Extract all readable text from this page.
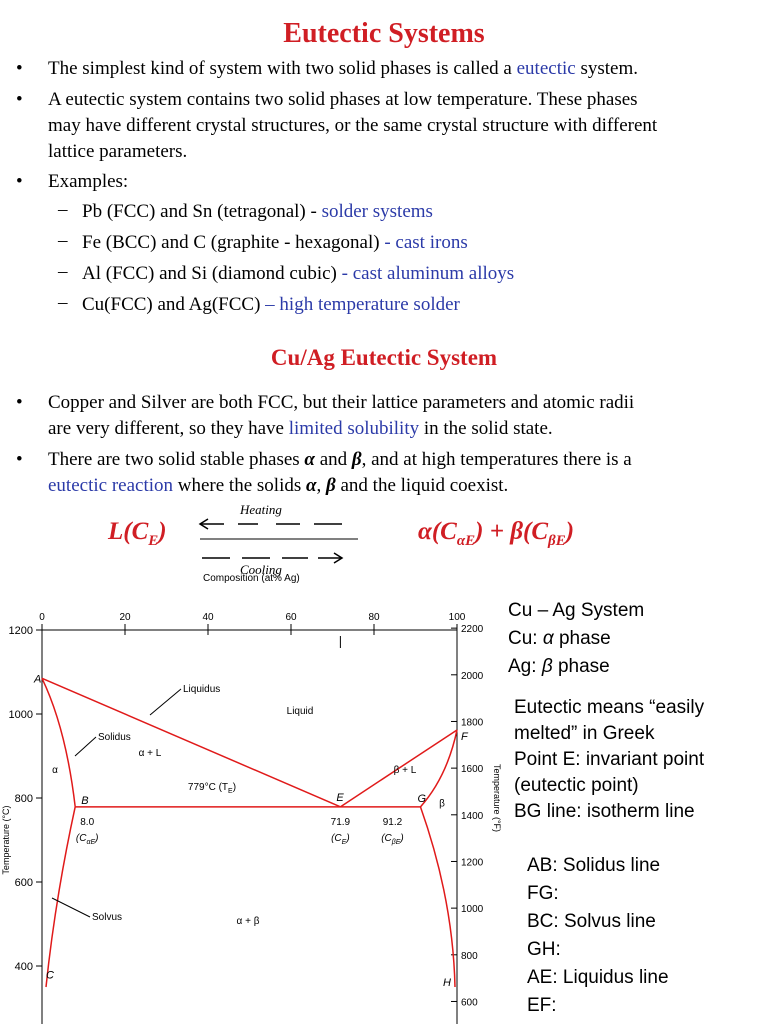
Eutectic Systems
• The simplest kind of system with two solid phases is called a eutectic system.
• A eutectic system contains two solid phases at low temperature. These phases
may have different crystal structures, or the same crystal structure with different
lattice parameters.
• Examples:
– Pb (FCC) and Sn (tetragonal) - solder systems
– Fe (BCC) and C (graphite - hexagonal) - cast irons
– Al (FCC) and Si (diamond cubic) - cast aluminum alloys
– Cu(FCC) and Ag(FCC) – high temperature solder
Cu/Ag Eutectic System
• Copper and Silver are both FCC, but their lattice parameters and atomic radii
are very different, so they have limited solubility in the solid state.
• There are two solid stable phases α and β, and at high temperatures there is a
eutectic reaction where the solids α, β and the liquid coexist.
$L(C_E)$	$\alpha(C_{\alpha E}) + \beta(C_{\beta E})$
Heating
Cooling
Composition (at% Ag)
0	20	40	60	80	100
1200
1000
800
600
400
2200
2000
1800
1600
1400
1200
1000
800
600
Temperature (°C)
Temperature (°F)
A
B
C
E
F
G
H
Liquid
α + L
β + L
α
β
α + β
Liquidus
Solidus
Solvus
779°C $(T_E)$
8.0
$(C_{\alpha E})$
71.9
$(C_E)$
91.2
$(C_{\beta E})$
Cu – Ag System
Cu: α phase
Ag: β phase
Eutectic means “easily
melted” in Greek
Point E: invariant point
(eutectic point)
BG line: isotherm line
AB: Solidus line
FG:
BC: Solvus line
GH:
AE: Liquidus line
EF:
